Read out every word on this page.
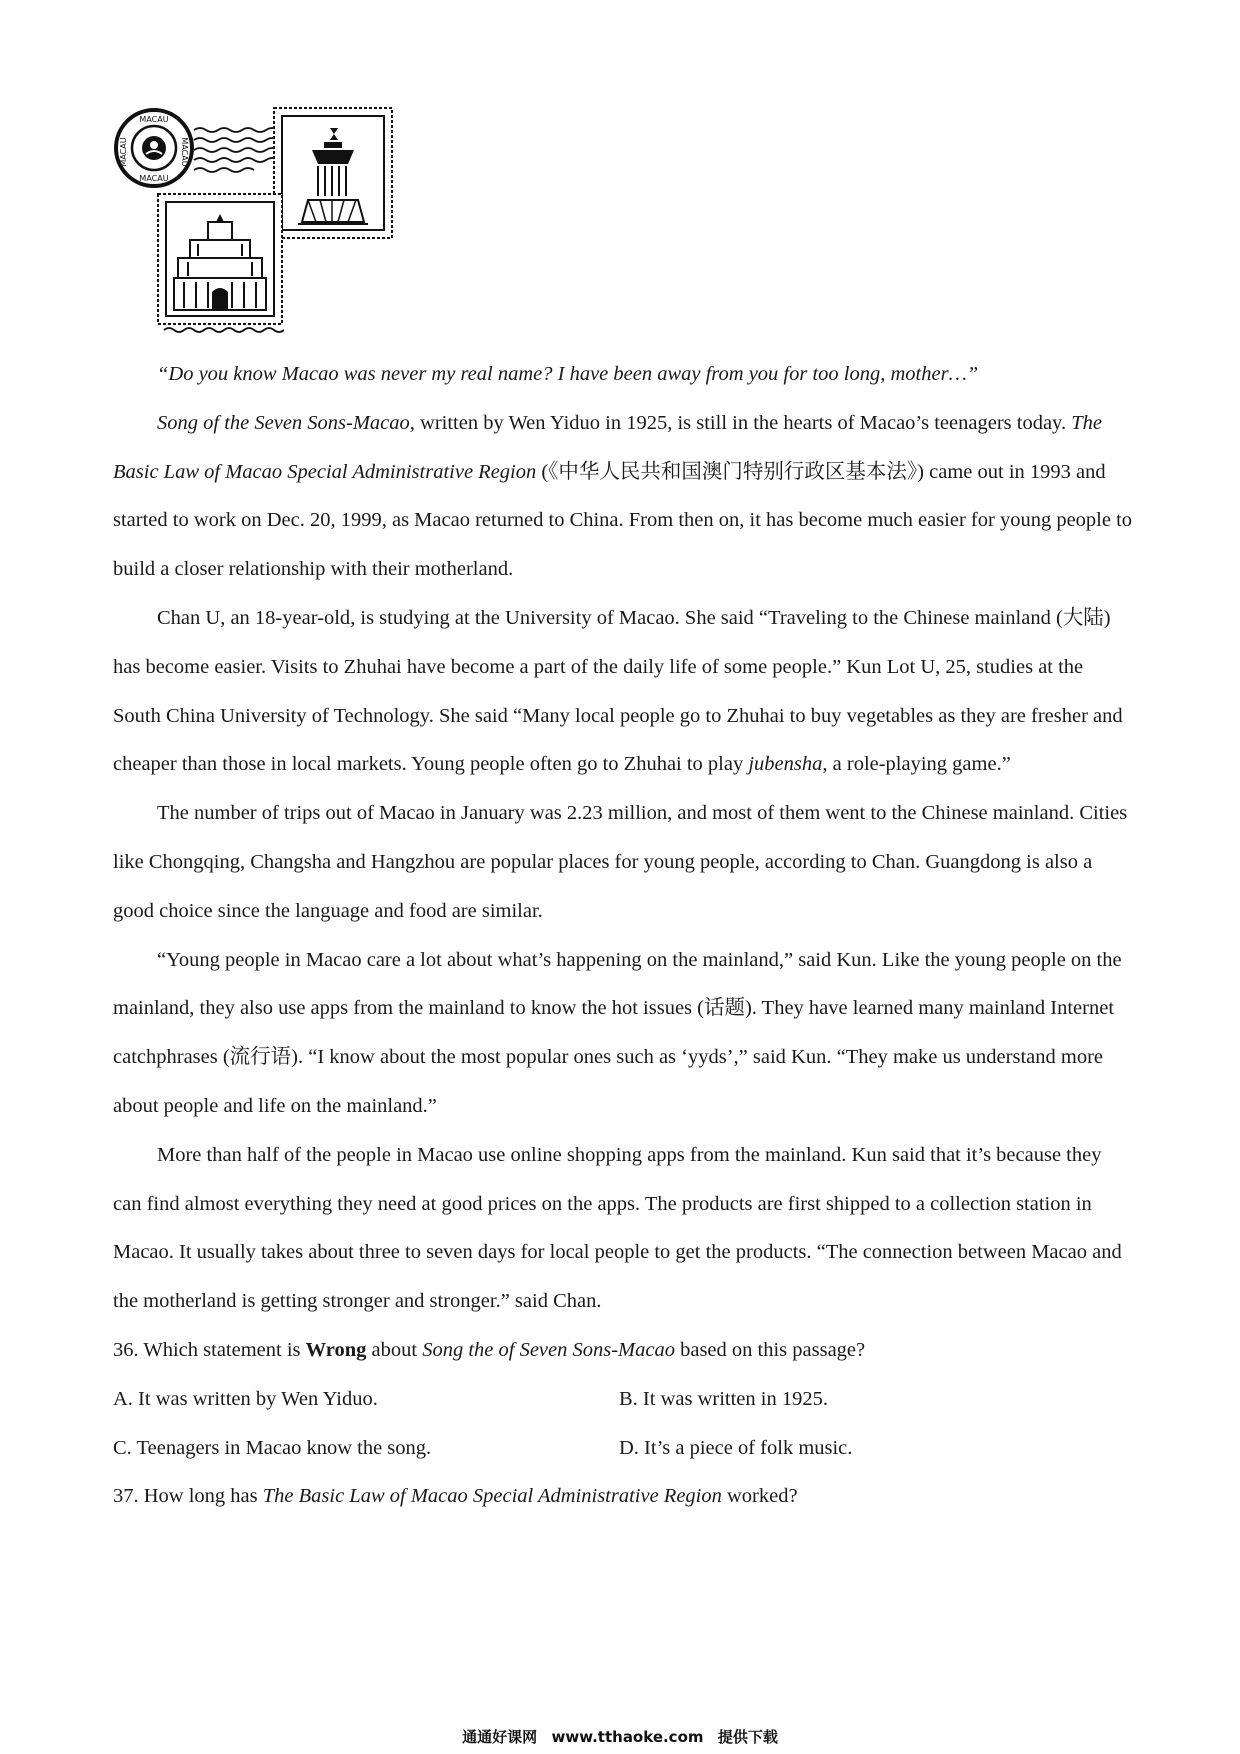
MACAU
MACAU
MACAU
MACAU

“Do you know Macao was never my real name? I have been away from you for too long, mother…”

Song of the Seven Sons-Macao, written by Wen Yiduo in 1925, is still in the hearts of Macao’s teenagers today. The Basic Law of Macao Special Administrative Region (《中华人民共和国澳门特别行政区基本法》) came out in 1993 and started to work on Dec. 20, 1999, as Macao returned to China. From then on, it has become much easier for young people to build a closer relationship with their motherland.

Chan U, an 18-year-old, is studying at the University of Macao. She said “Traveling to the Chinese mainland (大陆) has become easier. Visits to Zhuhai have become a part of the daily life of some people.” Kun Lot U, 25, studies at the South China University of Technology. She said “Many local people go to Zhuhai to buy vegetables as they are fresher and cheaper than those in local markets. Young people often go to Zhuhai to play jubensha, a role-playing game.”

The number of trips out of Macao in January was 2.23 million, and most of them went to the Chinese mainland. Cities like Chongqing, Changsha and Hangzhou are popular places for young people, according to Chan. Guangdong is also a good choice since the language and food are similar.

“Young people in Macao care a lot about what’s happening on the mainland,” said Kun. Like the young people on the mainland, they also use apps from the mainland to know the hot issues (话题). They have learned many mainland Internet catchphrases (流行语). “I know about the most popular ones such as ‘yyds’,” said Kun. “They make us understand more about people and life on the mainland.”

More than half of the people in Macao use online shopping apps from the mainland. Kun said that it’s because they can find almost everything they need at good prices on the apps. The products are first shipped to a collection station in Macao. It usually takes about three to seven days for local people to get the products. “The connection between Macao and the motherland is getting stronger and stronger.” said Chan.

36. Which statement is Wrong about Song the of Seven Sons-Macao based on this passage?

A. It was written by Wen Yiduo.	B. It was written in 1925.
C. Teenagers in Macao know the song.	D. It’s a piece of folk music.

37. How long has The Basic Law of Macao Special Administrative Region worked?

通通好课网 www.tthaoke.com 提供下载
